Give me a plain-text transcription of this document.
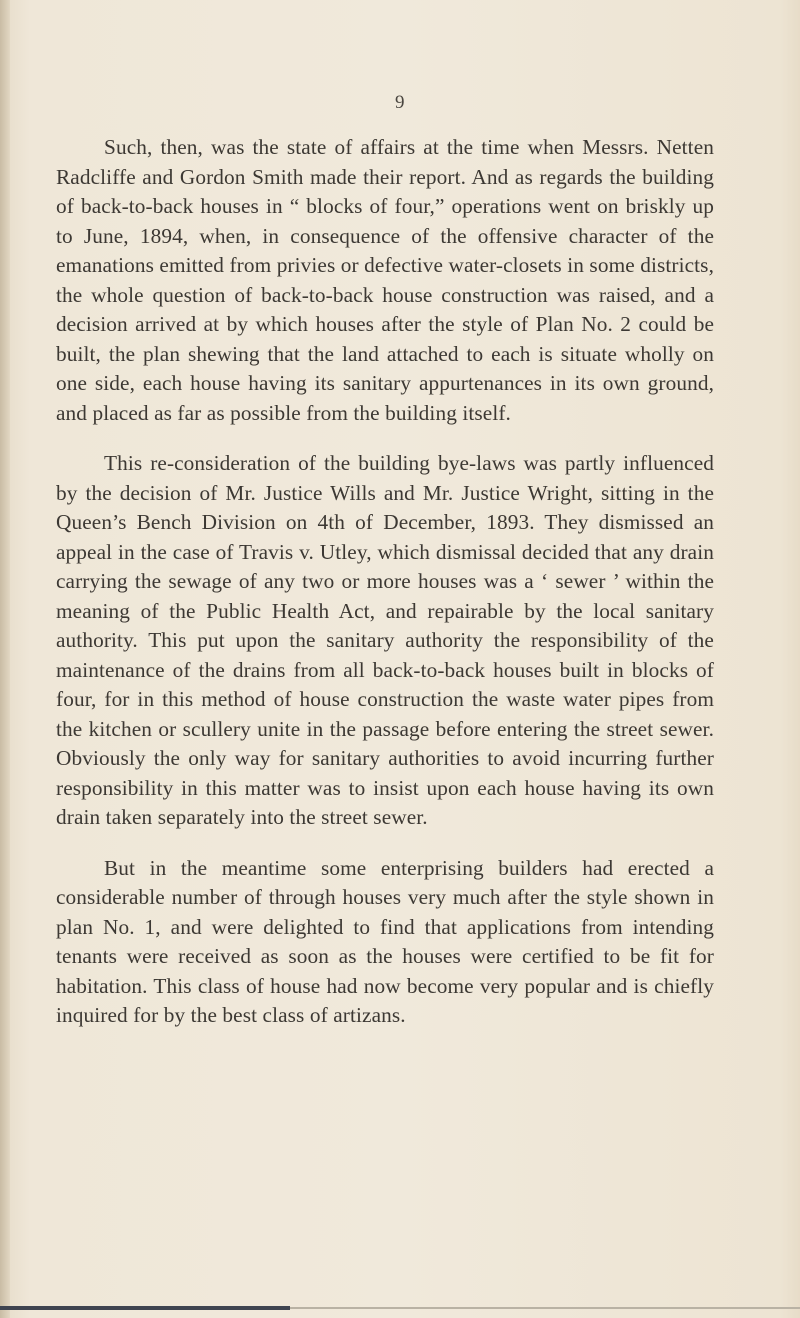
9

Such, then, was the state of affairs at the time when Messrs. Netten Radcliffe and Gordon Smith made their report. And as regards the building of back-to-back houses in “ blocks of four,” operations went on briskly up to June, 1894, when, in consequence of the offensive character of the emanations emitted from privies or defective water-closets in some districts, the whole question of back-to-back house construction was raised, and a decision arrived at by which houses after the style of Plan No. 2 could be built, the plan shewing that the land attached to each is situate wholly on one side, each house having its sanitary appurtenances in its own ground, and placed as far as possible from the building itself.

This re-consideration of the building bye-laws was partly influenced by the decision of Mr. Justice Wills and Mr. Justice Wright, sitting in the Queen’s Bench Division on 4th of December, 1893. They dismissed an appeal in the case of Travis v. Utley, which dismissal decided that any drain carrying the sewage of any two or more houses was a ‘ sewer ’ within the meaning of the Public Health Act, and repairable by the local sanitary authority. This put upon the sanitary authority the responsibility of the maintenance of the drains from all back-to-back houses built in blocks of four, for in this method of house construction the waste water pipes from the kitchen or scullery unite in the passage before entering the street sewer. Obviously the only way for sanitary authorities to avoid incurring further responsibility in this matter was to insist upon each house having its own drain taken separately into the street sewer.

But in the meantime some enterprising builders had erected a considerable number of through houses very much after the style shown in plan No. 1, and were delighted to find that applications from intending tenants were received as soon as the houses were certified to be fit for habitation. This class of house had now become very popular and is chiefly inquired for by the best class of artizans.
